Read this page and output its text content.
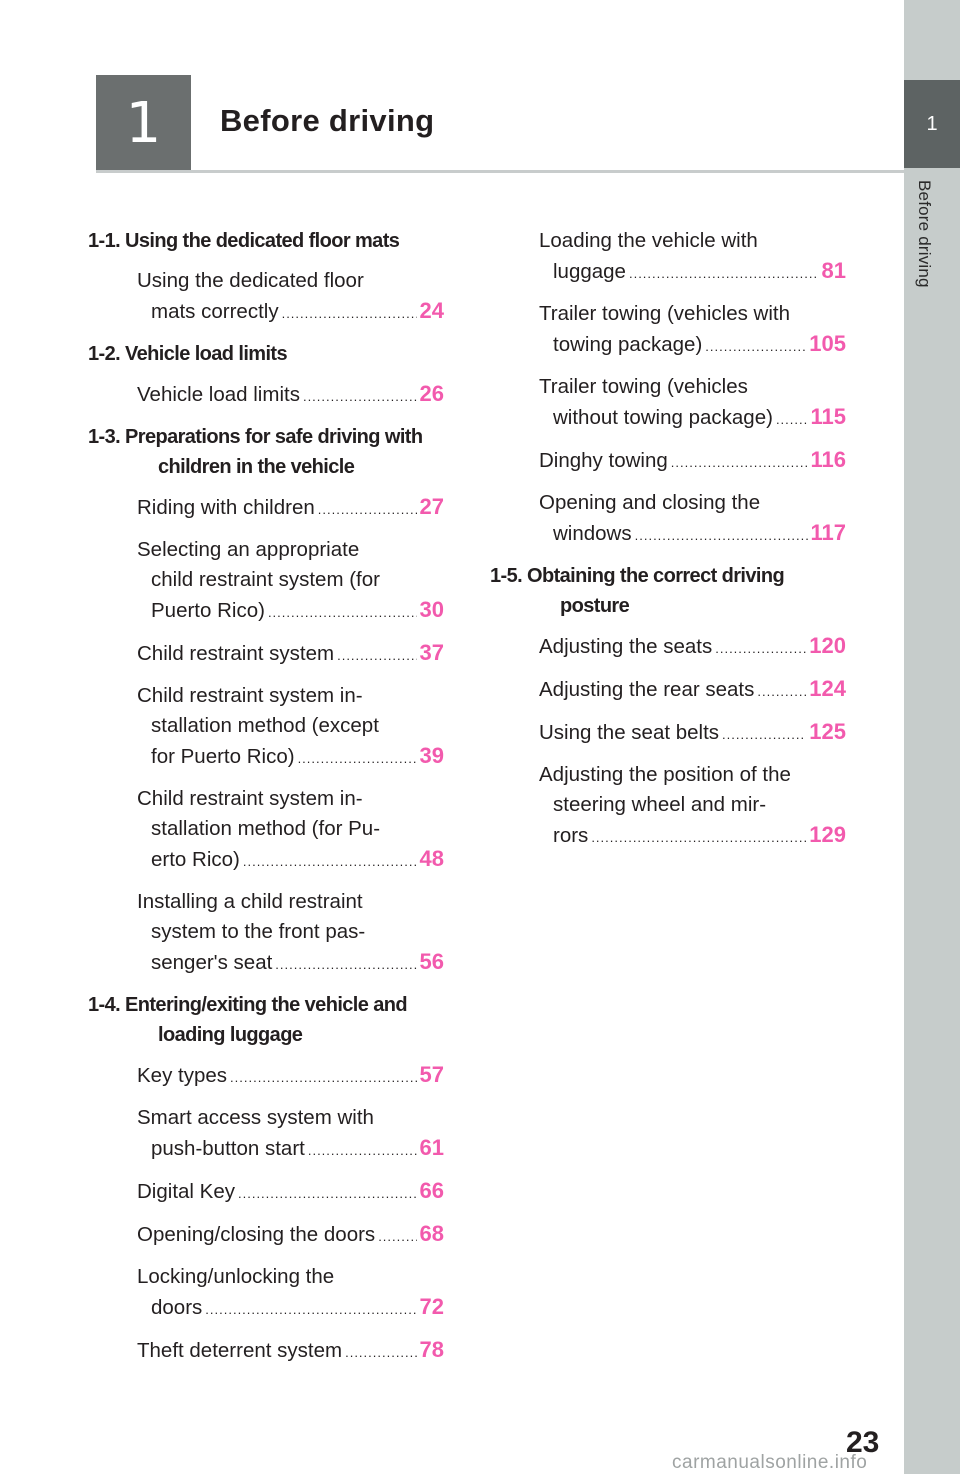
1
Before driving
1	Before driving
1-1. Using the dedicated floor mats
Using the dedicated floor
mats correctly .....	24
1-2. Vehicle load limits
Vehicle load limits .....	26
1-3. Preparations for safe driving with children in the vehicle
Riding with children .....	27
Selecting an appropriate
child restraint system (for
Puerto Rico) .....	30
Child restraint system .....	37
Child restraint system in-
stallation method (except
for Puerto Rico) .....	39
Child restraint system in-
stallation method (for Pu-
erto Rico) .....	48
Installing a child restraint
system to the front pas-
senger's seat .....	56
1-4. Entering/exiting the vehicle and loading luggage
Key types .....	57
Smart access system with
push-button start .....	61
Digital Key .....	66
Opening/closing the doors ..... 68
Locking/unlocking the
doors .....	72
Theft deterrent system .....	78
Loading the vehicle with
luggage .....	81
Trailer towing (vehicles with
towing package) .....	105
Trailer towing (vehicles
without towing package) ..... 115
Dinghy towing .....	116
Opening and closing the
windows .....	117
1-5. Obtaining the correct driving posture
Adjusting the seats .....	120
Adjusting the rear seats ..... 124
Using the seat belts .....	125
Adjusting the position of the
steering wheel and mir-
rors .....	129
23
carmanualsonline.info
